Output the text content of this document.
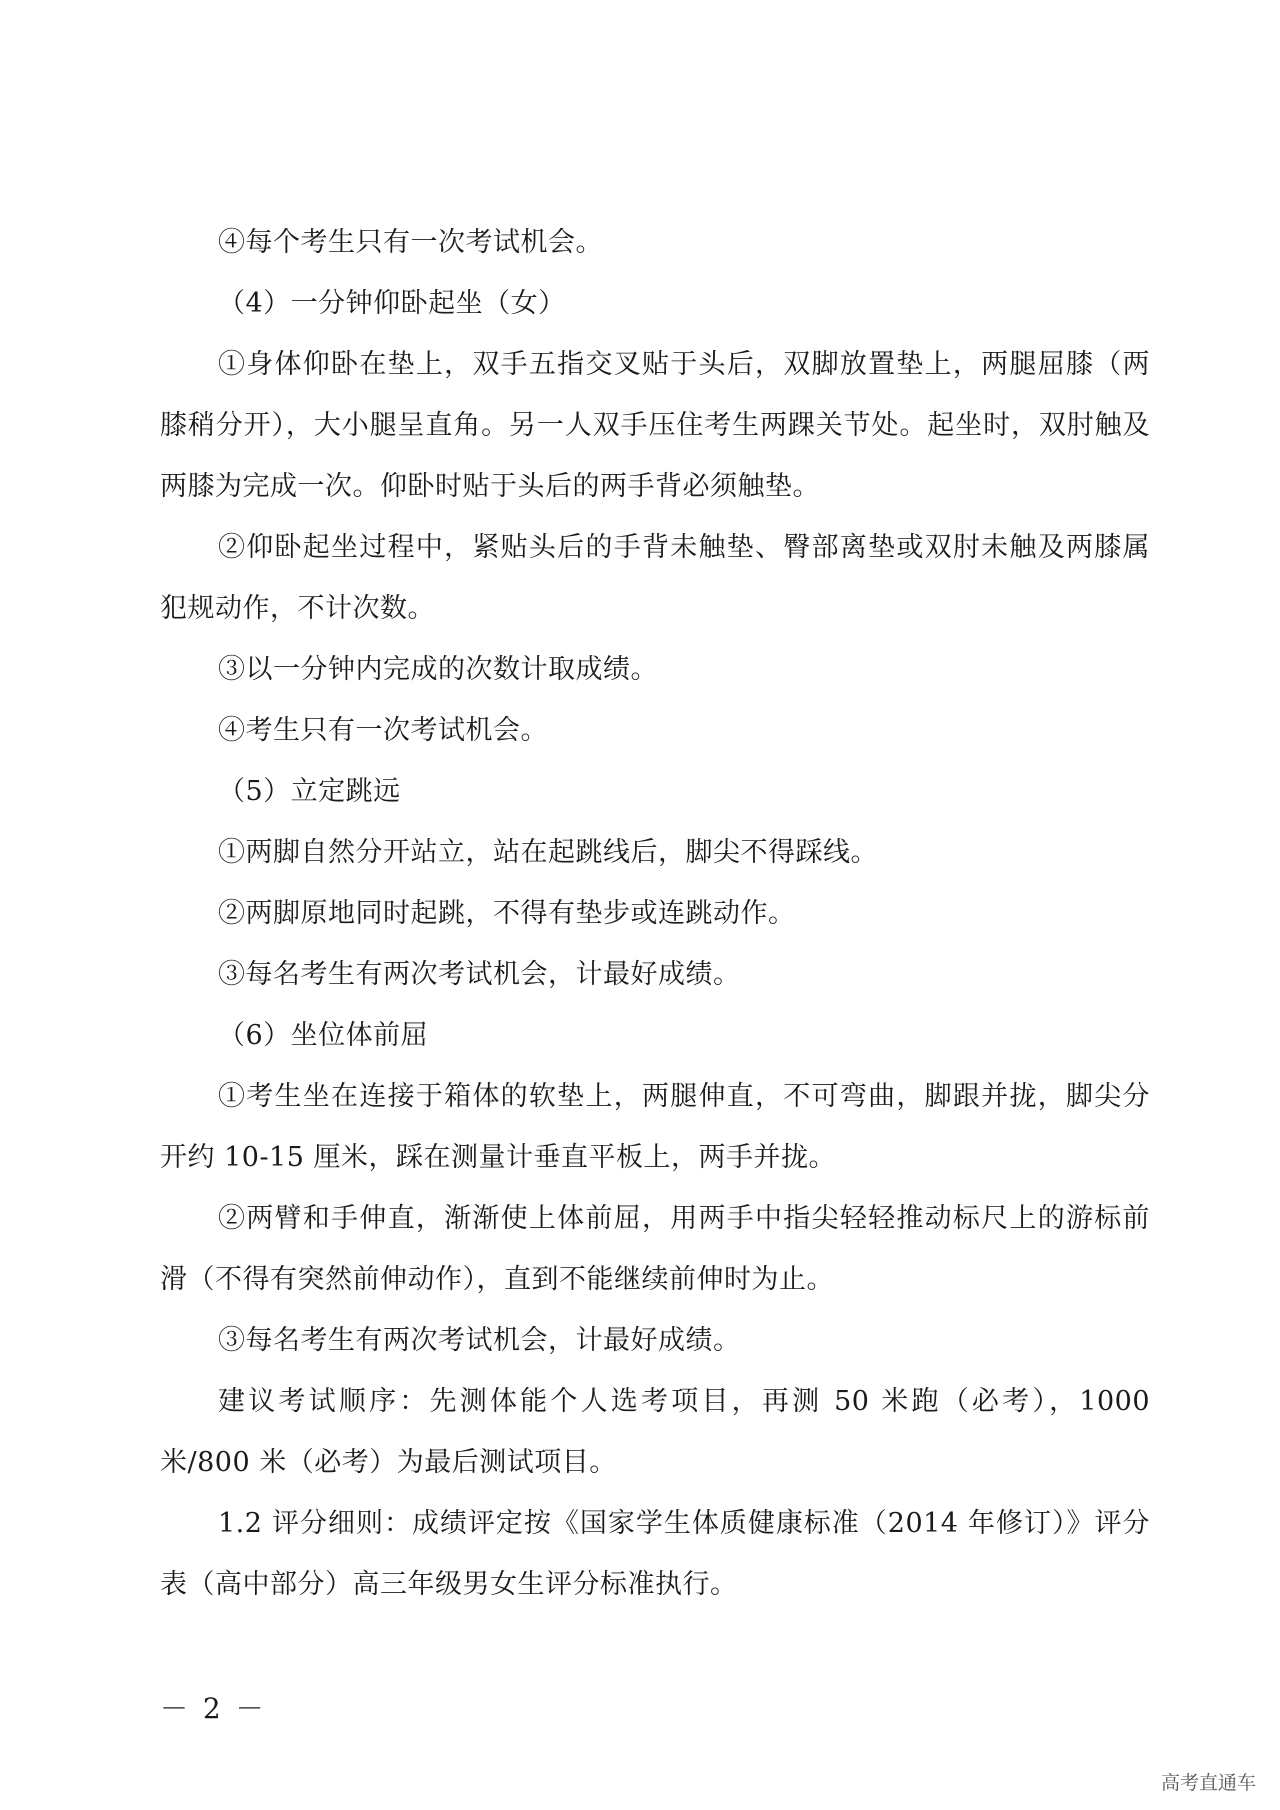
④每个考生只有一次考试机会。

（4）一分钟仰卧起坐（女）

①身体仰卧在垫上，双手五指交叉贴于头后，双脚放置垫上，两腿屈膝（两膝稍分开），大小腿呈直角。另一人双手压住考生两踝关节处。起坐时，双肘触及两膝为完成一次。仰卧时贴于头后的两手背必须触垫。

②仰卧起坐过程中，紧贴头后的手背未触垫、臀部离垫或双肘未触及两膝属犯规动作，不计次数。

③以一分钟内完成的次数计取成绩。

④考生只有一次考试机会。

（5）立定跳远

①两脚自然分开站立，站在起跳线后，脚尖不得踩线。

②两脚原地同时起跳，不得有垫步或连跳动作。

③每名考生有两次考试机会，计最好成绩。

（6）坐位体前屈

①考生坐在连接于箱体的软垫上，两腿伸直，不可弯曲，脚跟并拢，脚尖分开约 10-15 厘米，踩在测量计垂直平板上，两手并拢。

②两臂和手伸直，渐渐使上体前屈，用两手中指尖轻轻推动标尺上的游标前滑（不得有突然前伸动作），直到不能继续前伸时为止。

③每名考生有两次考试机会，计最好成绩。

建议考试顺序：先测体能个人选考项目，再测 50 米跑（必考），1000 米/800 米（必考）为最后测试项目。

1.2 评分细则：成绩评定按《国家学生体质健康标准（2014 年修订）》评分表（高中部分）高三年级男女生评分标准执行。

－ 2 －
高考直通车
